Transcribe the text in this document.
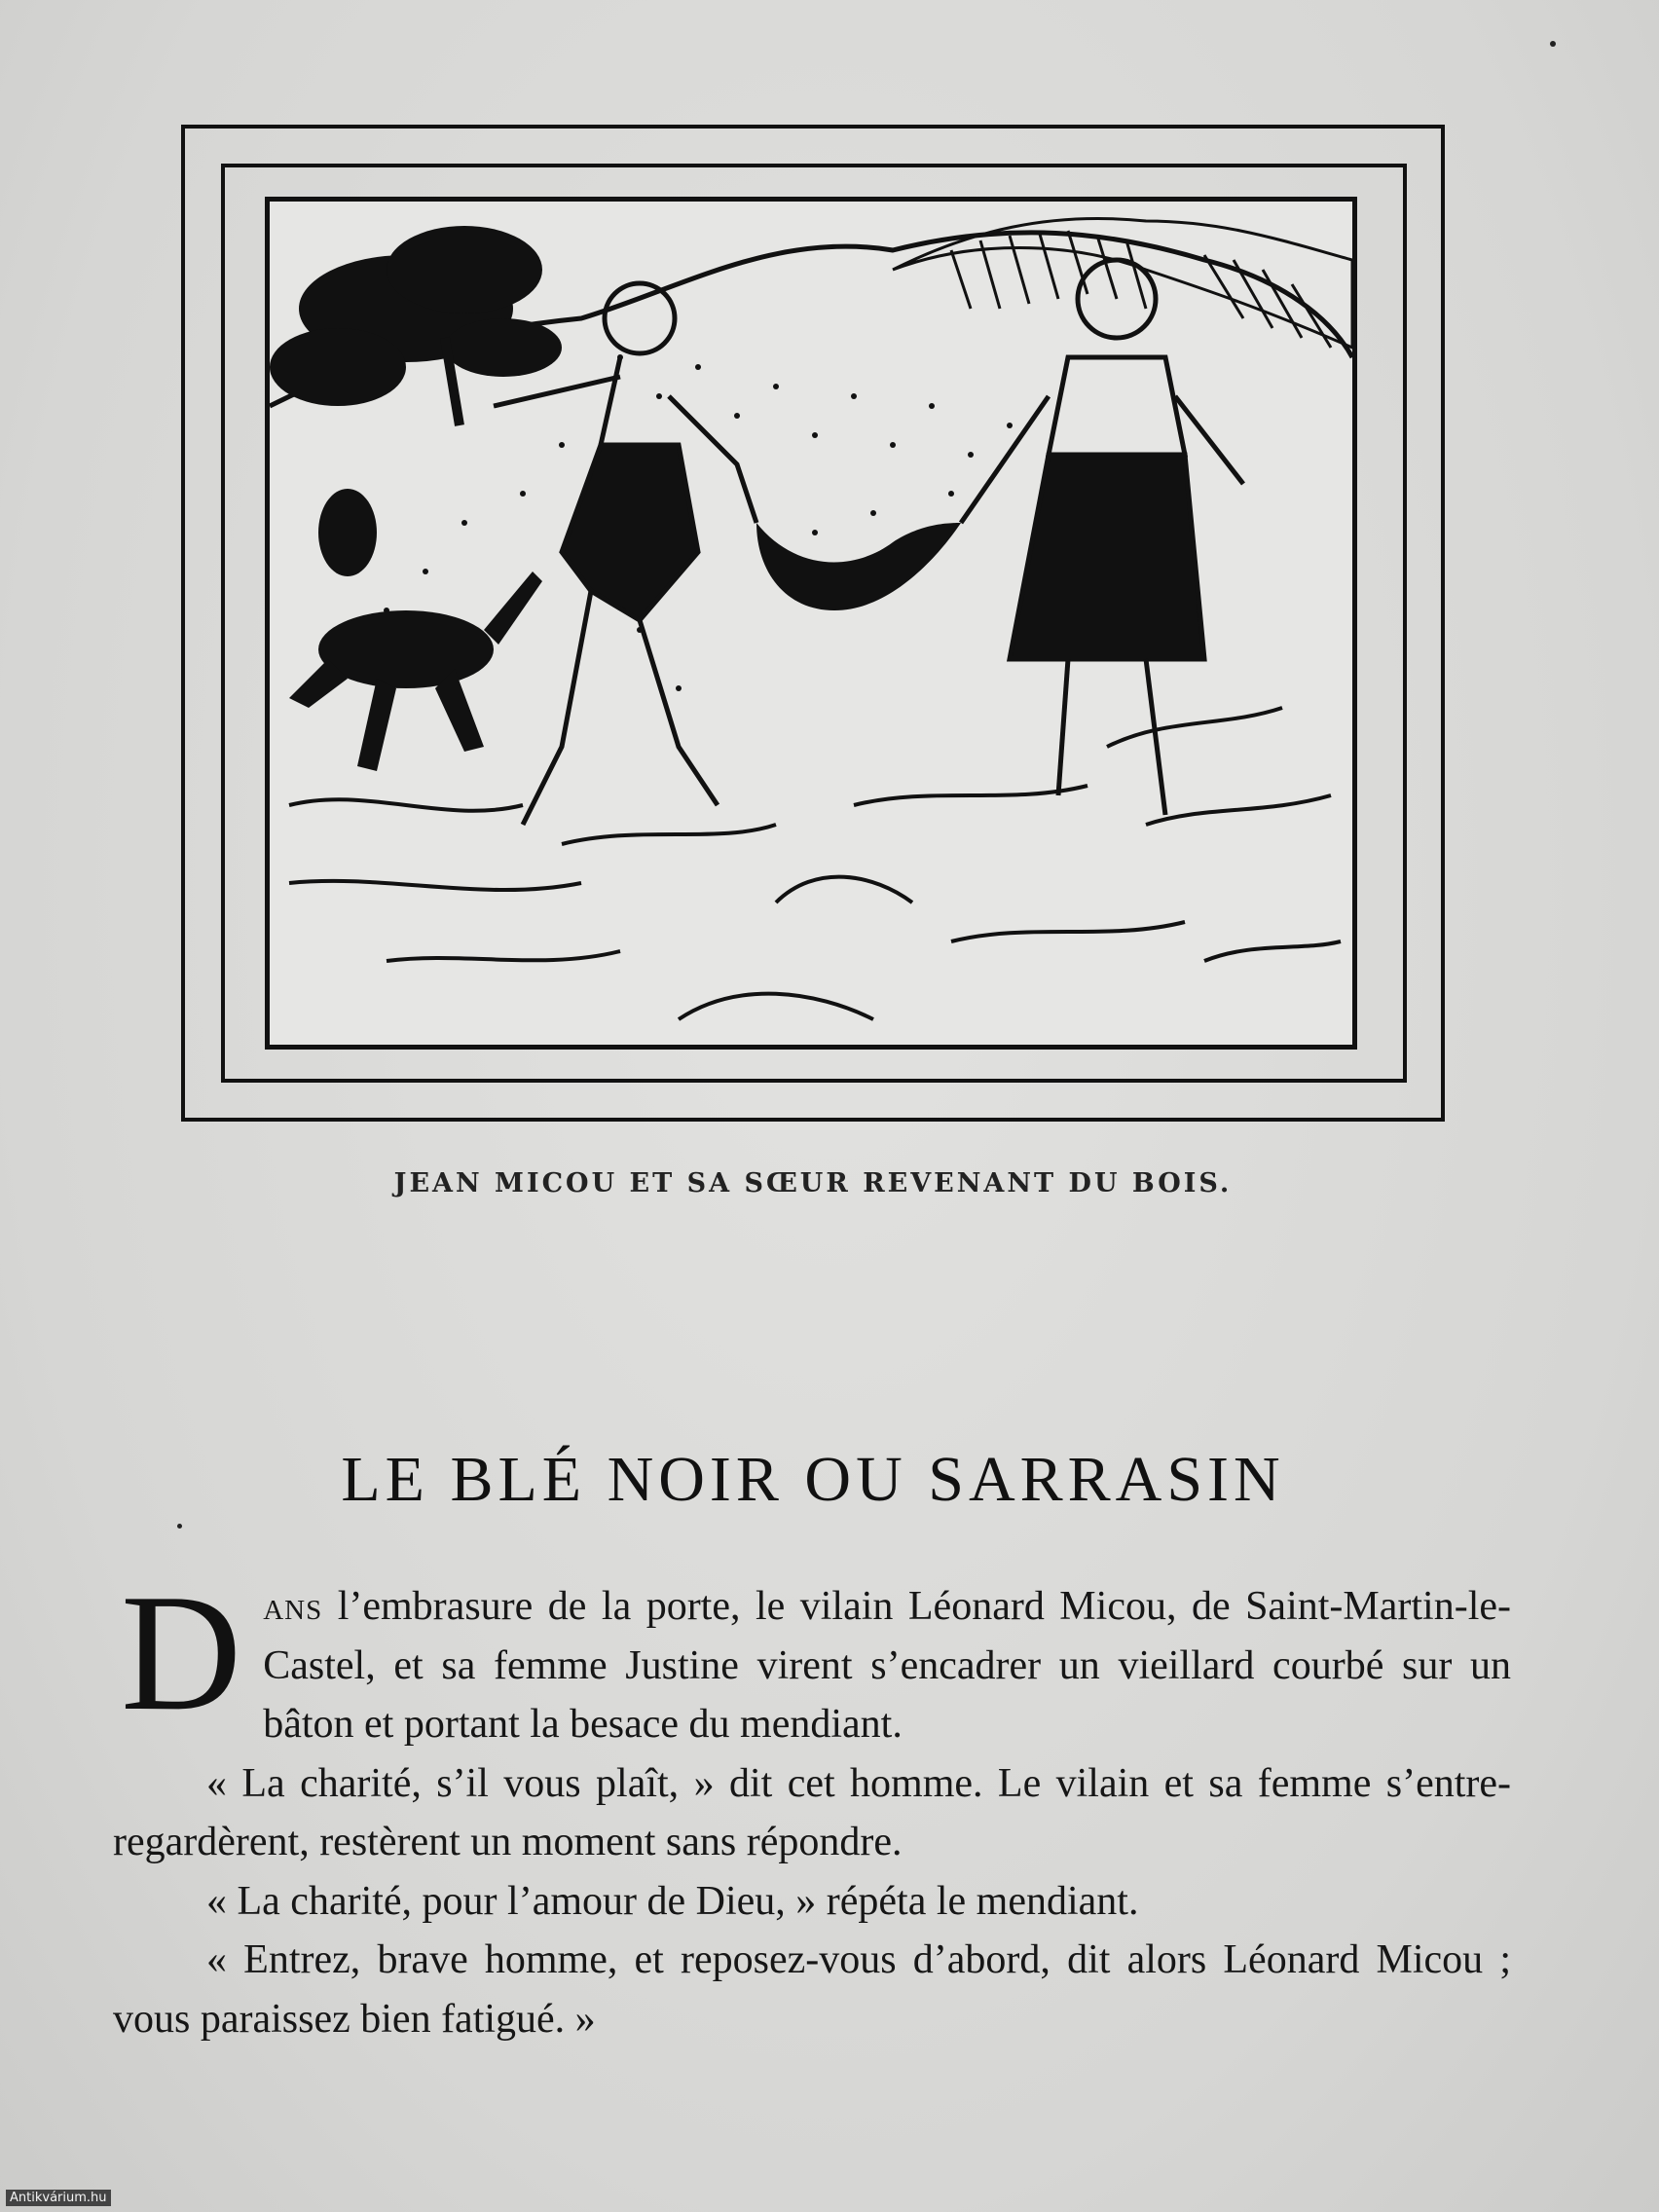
JEAN MICOU ET SA SŒUR REVENANT DU BOIS.
LE BLÉ NOIR OU SARRASIN

Dans l’embrasure de la porte, le vilain Léonard Micou, de Saint-Martin-le-Castel, et sa femme Justine virent s’encadrer un vieillard courbé sur un bâton et portant la besace du mendiant.

« La charité, s’il vous plaît, » dit cet homme. Le vilain et sa femme s’entre-regardèrent, restèrent un moment sans répondre.

« La charité, pour l’amour de Dieu, » répéta le mendiant.

« Entrez, brave homme, et reposez-vous d’abord, dit alors Léonard Micou ; vous paraissez bien fatigué. »

Antikvárium.hu
